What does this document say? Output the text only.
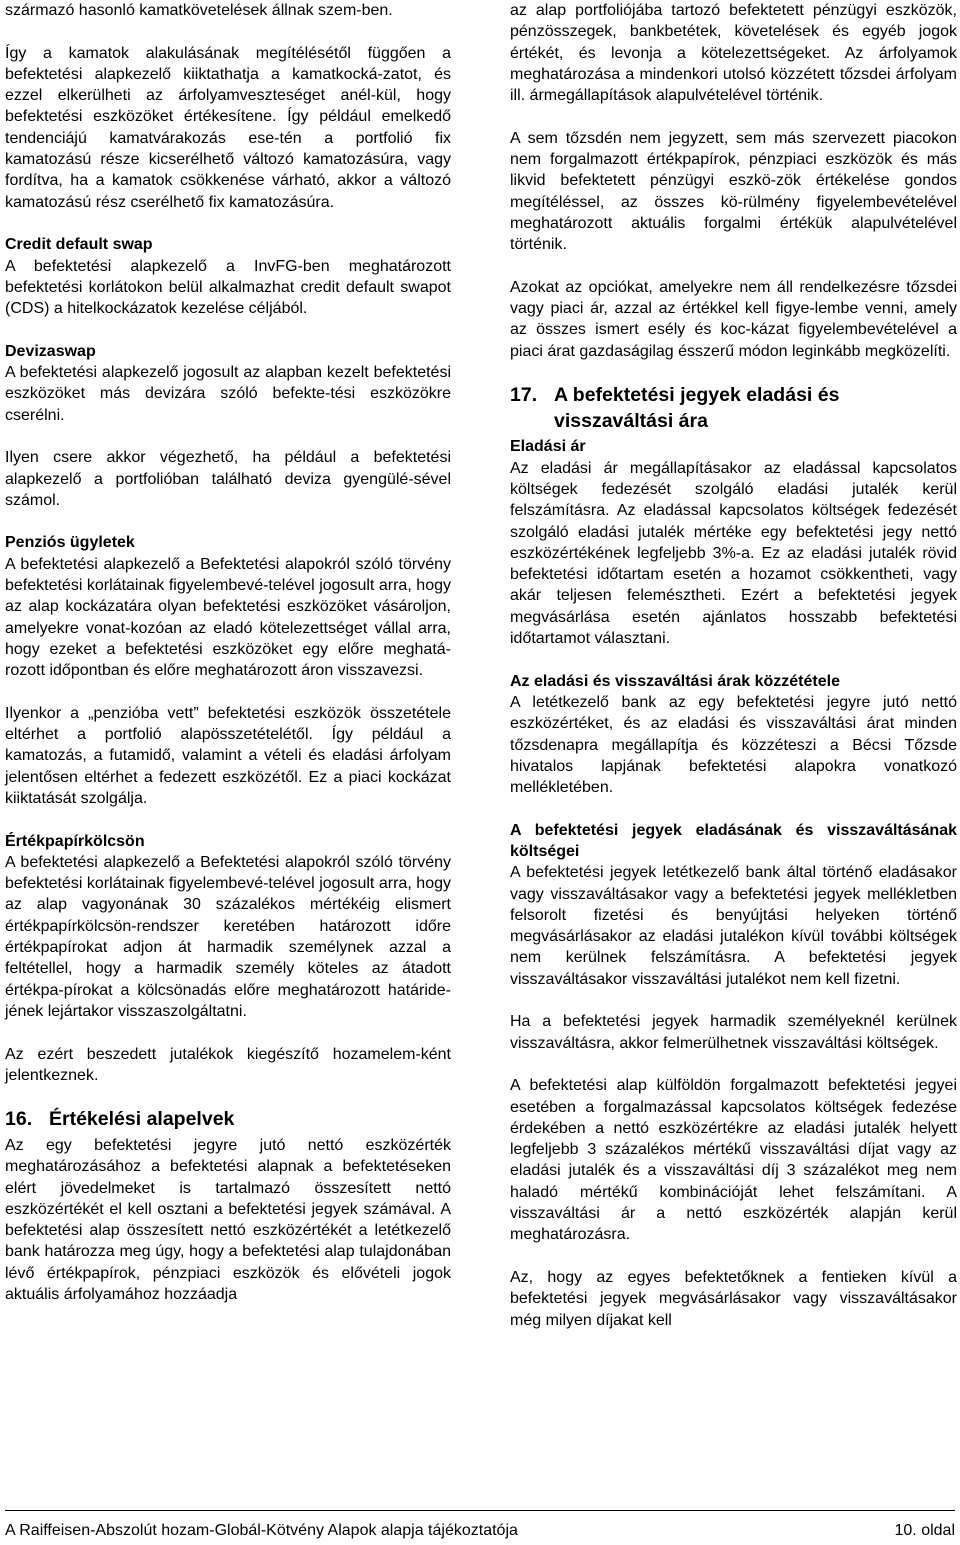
származó hasonló kamatkövetelések állnak szem-ben.

Így a kamatok alakulásának megítélésétől függően a befektetési alapkezelő kiiktathatja a kamatkocká-zatot, és ezzel elkerülheti az árfolyamveszteséget anél-kül, hogy befektetési eszközöket értékesítene. Így például emelkedő tendenciájú kamatvárakozás ese-tén a portfolió fix kamatozású része kicserélhető változó kamatozásúra, vagy fordítva, ha a kamatok csökkenése várható, akkor a változó kamatozású rész cserélhető fix kamatozásúra.

Credit default swap

A befektetési alapkezelő a InvFG-ben meghatározott befektetési korlátokon belül alkalmazhat credit default swapot (CDS) a hitelkockázatok kezelése céljából.

Devizaswap

A befektetési alapkezelő jogosult az alapban kezelt befektetési eszközöket más devizára szóló befekte-tési eszközökre cserélni.

Ilyen csere akkor végezhető, ha például a befektetési alapkezelő a portfolióban található deviza gyengülé-sével számol.

Penziós ügyletek

A befektetési alapkezelő a Befektetési alapokról szóló törvény befektetési korlátainak figyelembevé-telével jogosult arra, hogy az alap kockázatára olyan befektetési eszközöket vásároljon, amelyekre vonat-kozóan az eladó kötelezettséget vállal arra, hogy ezeket a befektetési eszközöket egy előre meghatá-rozott időpontban és előre meghatározott áron visszavezsi.

Ilyenkor a „penzióba vett” befektetési eszközök összetétele eltérhet a portfolió alapösszetételétől. Így például a kamatozás, a futamidő, valamint a vételi és eladási árfolyam jelentősen eltérhet a fedezett eszközétől. Ez a piaci kockázat kiiktatását szolgálja.

Értékpapírkölcsön

A befektetési alapkezelő a Befektetési alapokról szóló törvény befektetési korlátainak figyelembevé-telével jogosult arra, hogy az alap vagyonának 30 százalékos mértékéig elismert értékpapírkölcsön-rendszer keretében határozott időre értékpapírokat adjon át harmadik személynek azzal a feltétellel, hogy a harmadik személy köteles az átadott értékpa-pírokat a kölcsönadás előre meghatározott határide-jének lejártakor visszaszolgáltatni.

Az ezért beszedett jutalékok kiegészítő hozamelem-ként jelentkeznek.

16. Értékelési alapelvek

Az egy befektetési jegyre jutó nettó eszközérték meghatározásához a befektetési alapnak a befektetéseken elért jövedelmeket is tartalmazó összesített nettó eszközértékét el kell osztani a befektetési jegyek számával. A befektetési alap összesített nettó eszközértékét a letétkezelő bank határozza meg úgy, hogy a befektetési alap tulajdonában lévő értékpapírok, pénzpiaci eszközök és elővételi jogok aktuális árfolyamához hozzáadja

az alap portfoliójába tartozó befektetett pénzügyi eszközök, pénzösszegek, bankbetétek, követelések és egyéb jogok értékét, és levonja a kötelezettségeket. Az árfolyamok meghatározása a mindenkori utolsó közzétett tőzsdei árfolyam ill. ármegállapítások alapulvételével történik.

A sem tőzsdén nem jegyzett, sem más szervezett piacokon nem forgalmazott értékpapírok, pénzpiaci eszközök és más likvid befektetett pénzügyi eszkö-zök értékelése gondos megítéléssel, az összes kö-rülmény figyelembevételével meghatározott aktuális forgalmi értékük alapulvételével történik.

Azokat az opciókat, amelyekre nem áll rendelkezésre tőzsdei vagy piaci ár, azzal az értékkel kell figye-lembe venni, amely az összes ismert esély és koc-kázat figyelembevételével a piaci árat gazdaságilag ésszerű módon leginkább megközelíti.

17. A befektetési jegyek eladási és visszaváltási ára
Eladási ár

Az eladási ár megállapításakor az eladással kapcsolatos költségek fedezését szolgáló eladási jutalék kerül felszámításra. Az eladással kapcsolatos költségek fedezését szolgáló eladási jutalék mértéke egy befektetési jegy nettó eszközértékének legfeljebb 3%-a. Ez az eladási jutalék rövid befektetési időtartam esetén a hozamot csökkentheti, vagy akár teljesen felemésztheti. Ezért a befektetési jegyek megvásárlása esetén ajánlatos hosszabb befektetési időtartamot választani.

Az eladási és visszaváltási árak közzététele

A letétkezelő bank az egy befektetési jegyre jutó nettó eszközértéket, és az eladási és visszaváltási árat minden tőzsdenapra megállapítja és közzéteszi a Bécsi Tőzsde hivatalos lapjának befektetési alapokra vonatkozó mellékletében.

A befektetési jegyek eladásának és visszaváltásának költségei

A befektetési jegyek letétkezelő bank által történő eladásakor vagy visszaváltásakor vagy a befektetési jegyek mellékletben felsorolt fizetési és benyújtási helyeken történő megvásárlásakor az eladási jutalékon kívül további költségek nem kerülnek felszámításra. A befektetési jegyek visszaváltásakor visszaváltási jutalékot nem kell fizetni.

Ha a befektetési jegyek harmadik személyeknél kerülnek visszaváltásra, akkor felmerülhetnek visszaváltási költségek.

A befektetési alap külföldön forgalmazott befektetési jegyei esetében a forgalmazással kapcsolatos költségek fedezése érdekében a nettó eszközértékre az eladási jutalék helyett legfeljebb 3 százalékos mértékű visszaváltási díjat vagy az eladási jutalék és a visszaváltási díj 3 százalékot meg nem haladó mértékű kombinációját lehet felszámítani. A visszaváltási ár a nettó eszközérték alapján kerül meghatározásra.

Az, hogy az egyes befektetőknek a fentieken kívül a befektetési jegyek megvásárlásakor vagy visszaváltásakor még milyen díjakat kell

A Raiffeisen-Abszolút hozam-Globál-Kötvény Alapok alapja tájékoztatója	10. oldal
